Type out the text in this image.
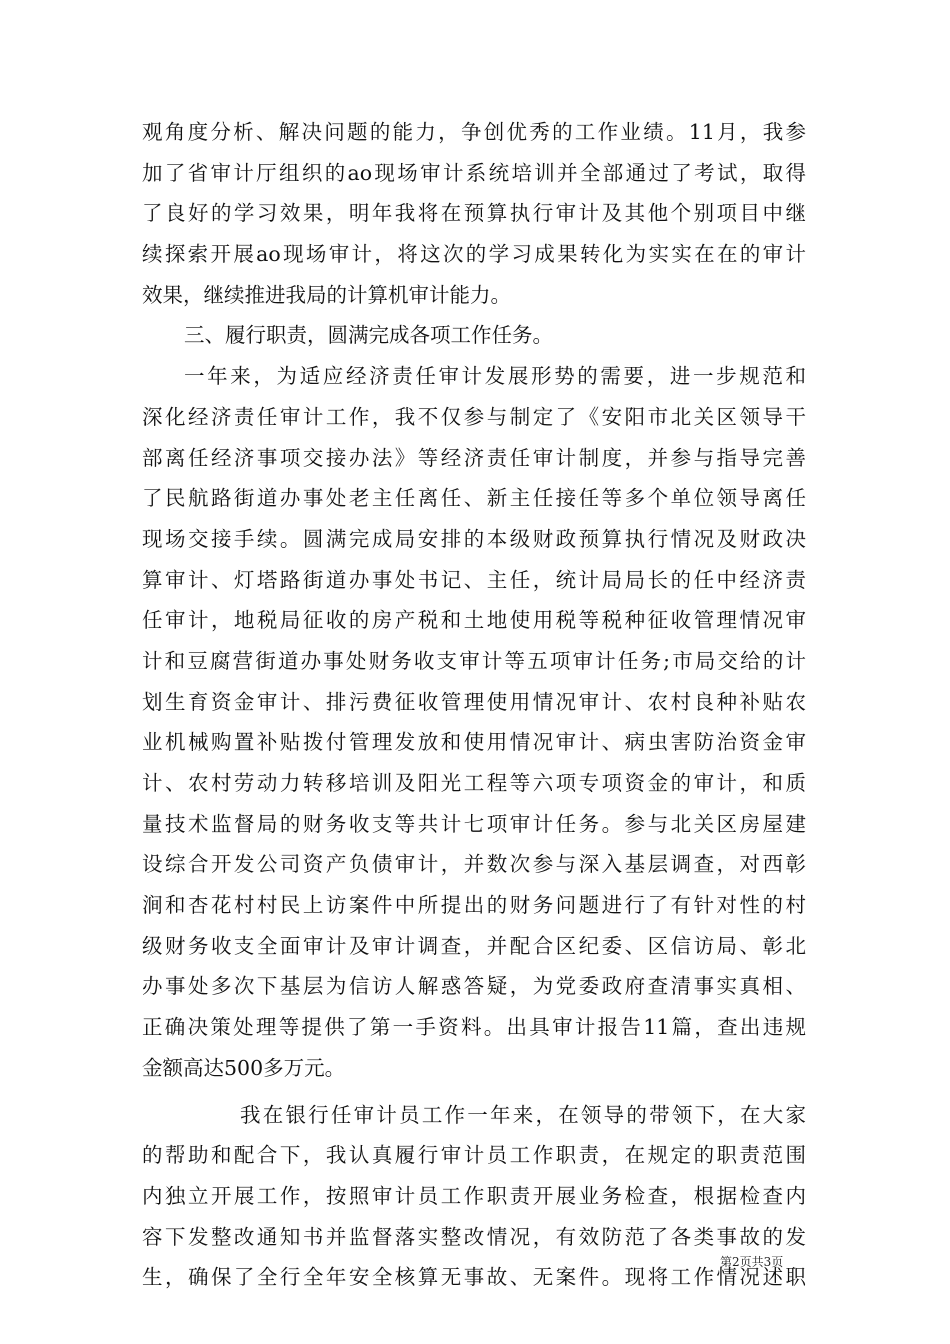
观角度分析、解决问题的能力，争创优秀的工作业绩。11月，我参
加了省审计厅组织的ao现场审计系统培训并全部通过了考试，取得
了良好的学习效果，明年我将在预算执行审计及其他个别项目中继
续探索开展ao现场审计，将这次的学习成果转化为实实在在的审计
效果，继续推进我局的计算机审计能力。
三、履行职责，圆满完成各项工作任务。
一年来，为适应经济责任审计发展形势的需要，进一步规范和
深化经济责任审计工作，我不仅参与制定了《安阳市北关区领导干
部离任经济事项交接办法》等经济责任审计制度，并参与指导完善
了民航路街道办事处老主任离任、新主任接任等多个单位领导离任
现场交接手续。圆满完成局安排的本级财政预算执行情况及财政决
算审计、灯塔路街道办事处书记、主任，统计局局长的任中经济责
任审计，地税局征收的房产税和土地使用税等税种征收管理情况审
计和豆腐营街道办事处财务收支审计等五项审计任务;市局交给的计
划生育资金审计、排污费征收管理使用情况审计、农村良种补贴农
业机械购置补贴拨付管理发放和使用情况审计、病虫害防治资金审
计、农村劳动力转移培训及阳光工程等六项专项资金的审计，和质
量技术监督局的财务收支等共计七项审计任务。参与北关区房屋建
设综合开发公司资产负债审计，并数次参与深入基层调查，对西彰
涧和杏花村村民上访案件中所提出的财务问题进行了有针对性的村
级财务收支全面审计及审计调查，并配合区纪委、区信访局、彰北
办事处多次下基层为信访人解惑答疑，为党委政府查清事实真相、
正确决策处理等提供了第一手资料。出具审计报告11篇，查出违规
金额高达500多万元。
我在银行任审计员工作一年来，在领导的带领下，在大家
的帮助和配合下，我认真履行审计员工作职责，在规定的职责范围
内独立开展工作，按照审计员工作职责开展业务检查，根据检查内
容下发整改通知书并监督落实整改情况，有效防范了各类事故的发
生，确保了全行全年安全核算无事故、无案件。现将工作情况述职
第2页共3页
